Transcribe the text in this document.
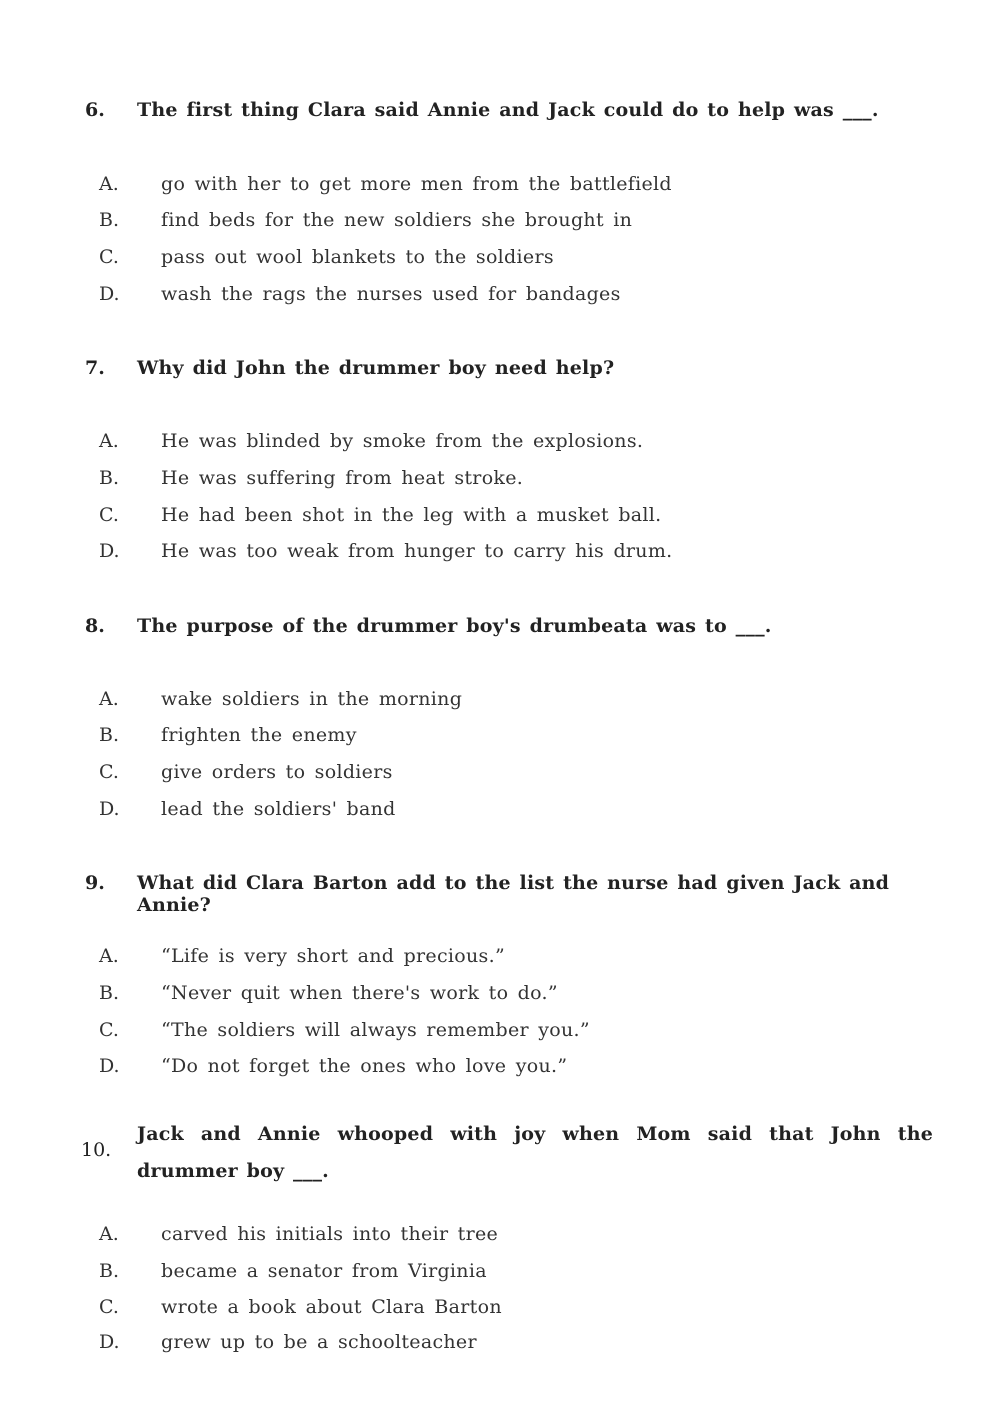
6. The first thing Clara said Annie and Jack could do to help was ___.
A. go with her to get more men from the battlefield
B. find beds for the new soldiers she brought in
C. pass out wool blankets to the soldiers
D. wash the rags the nurses used for bandages
7. Why did John the drummer boy need help?
A. He was blinded by smoke from the explosions.
B. He was suffering from heat stroke.
C. He had been shot in the leg with a musket ball.
D. He was too weak from hunger to carry his drum.
8. The purpose of the drummer boy's drumbeata was to ___.
A. wake soldiers in the morning
B. frighten the enemy
C. give orders to soldiers
D. lead the soldiers' band
9. What did Clara Barton add to the list the nurse had given Jack and Annie?
A. “Life is very short and precious.”
B. “Never quit when there's work to do.”
C. “The soldiers will always remember you.”
D. “Do not forget the ones who love you.”
10.
Jack and Annie whooped with joy when Mom said that John the drummer boy ___.
A. carved his initials into their tree
B. became a senator from Virginia
C. wrote a book about Clara Barton
D. grew up to be a schoolteacher
